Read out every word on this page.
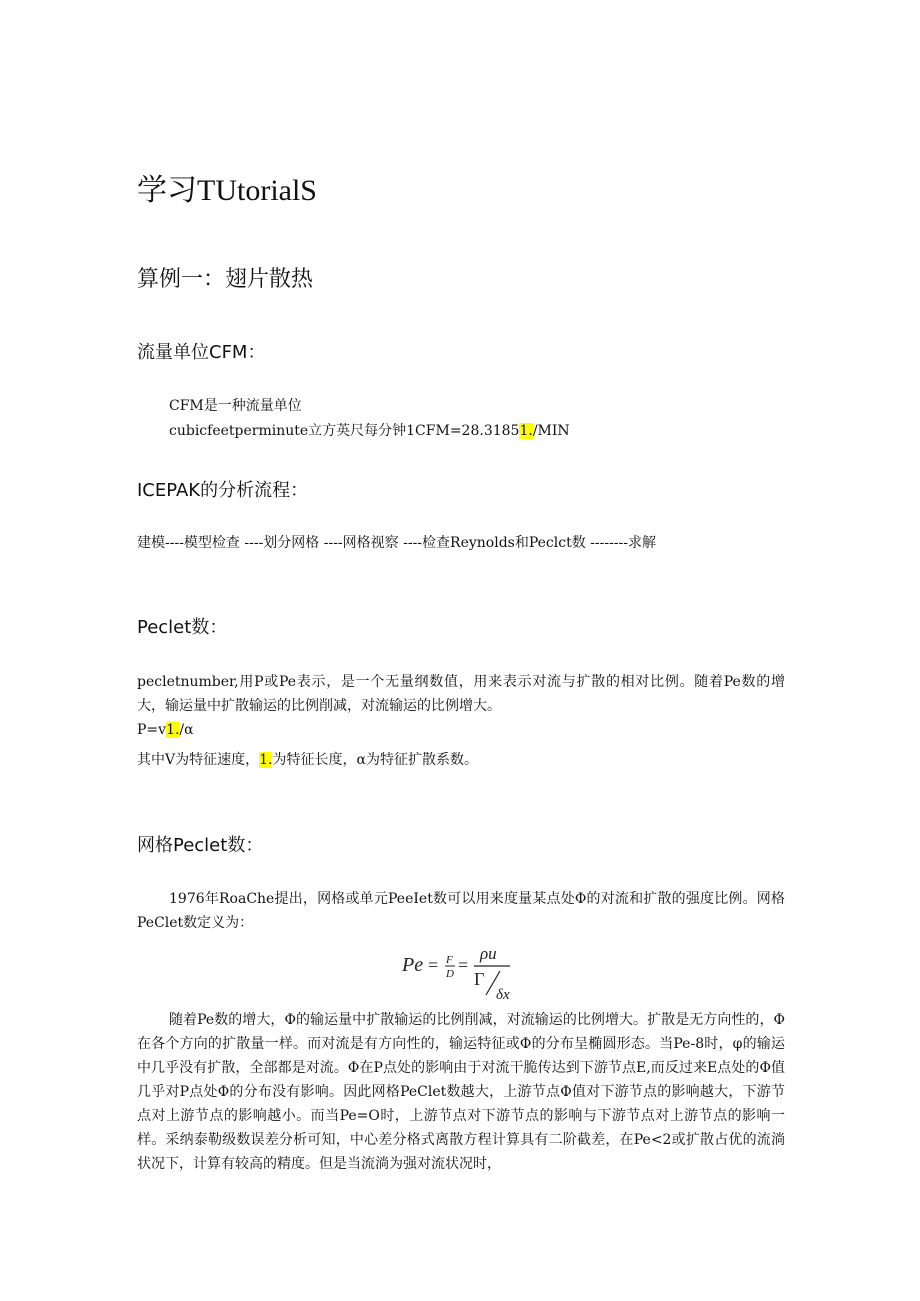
学习TUtorialS
算例一：翅片散热
流量单位CFM：
CFM是一种流量单位
cubicfeetperminute立方英尺每分钟1CFM=28.31851./MIN
ICEPAK的分析流程：
建模----模型检查 ----划分网格 ----网格视察 ----检查Reynolds和Peclct数 --------求解
Peclet数：
pecletnumber,用P或Pe表示，是一个无量纲数值，用来表示对流与扩散的相对比例。随着Pe数的增大，输运量中扩散输运的比例削减，对流输运的比例增大。
P=v1./α
其中V为特征速度，1.为特征长度，α为特征扩散系数。
网格Peclet数：
1976年RoaChe提出，网格或单元PeeIet数可以用来度量某点处Φ的对流和扩散的强度比例。网格PeClet数定义为：
Pe = F
D =
ρu
Γ
δx
随着Pe数的增大，Φ的输运量中扩散输运的比例削减，对流输运的比例增大。扩散是无方向性的，Φ在各个方向的扩散量一样。而对流是有方向性的，输运特征或Φ的分布呈椭圆形态。当Pe-8时，φ的输运中几乎没有扩散，全部都是对流。Φ在P点处的影响由于对流干脆传达到下游节点E,而反过来E点处的Φ值几乎对P点处Φ的分布没有影响。因此网格PeClet数越大，上游节点Φ值对下游节点的影响越大，下游节点对上游节点的影响越小。而当Pe=O时，上游节点对下游节点的影响与下游节点对上游节点的影响一样。采纳泰勒级数误差分析可知，中心差分格式离散方程计算具有二阶截差，在Pe<2或扩散占优的流淌状况下，计算有较高的精度。但是当流淌为强对流状况时，
